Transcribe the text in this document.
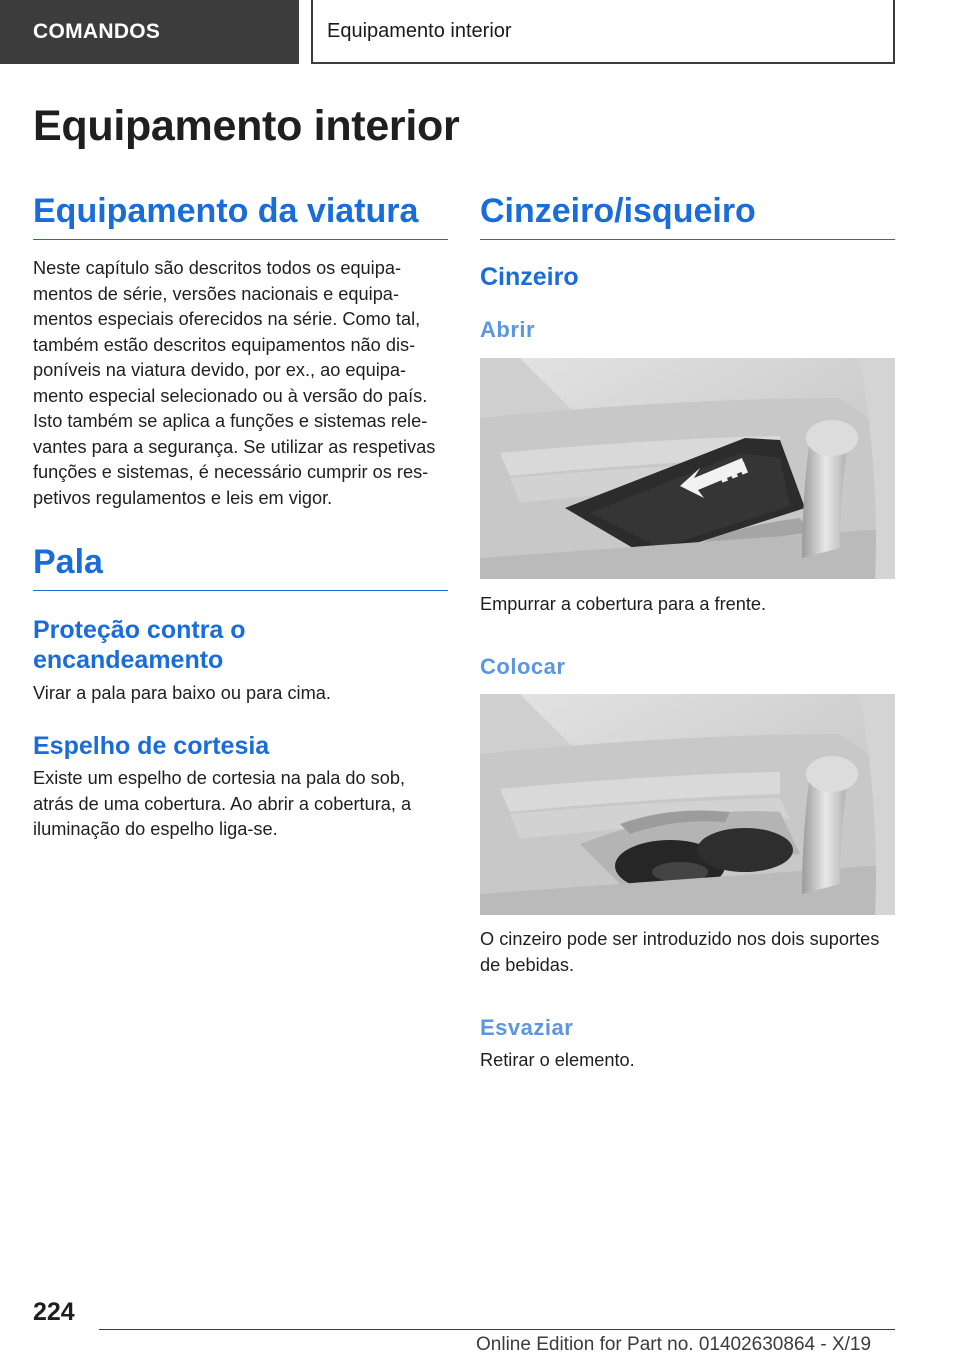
COMANDOS	Equipamento interior
Equipamento interior
Equipamento da viatura

Neste capítulo são descritos todos os equipamentos de série, versões nacionais e equipamentos especiais oferecidos na série. Como tal, também estão descritos equipamentos não disponíveis na viatura devido, por ex., ao equipamento especial selecionado ou à versão do país. Isto também se aplica a funções e sistemas relevantes para a segurança. Se utilizar as respetivas funções e sistemas, é necessário cumprir os respetivos regulamentos e leis em vigor.

Pala
Proteção contra o encandeamento

Virar a pala para baixo ou para cima.

Espelho de cortesia

Existe um espelho de cortesia na pala do sob, atrás de uma cobertura. Ao abrir a cobertura, a iluminação do espelho liga-se.

Cinzeiro/isqueiro
Cinzeiro
Abrir

Empurrar a cobertura para a frente.

Colocar

O cinzeiro pode ser introduzido nos dois suportes de bebidas.

Esvaziar

Retirar o elemento.

224
Online Edition for Part no. 01402630864 - X/19
